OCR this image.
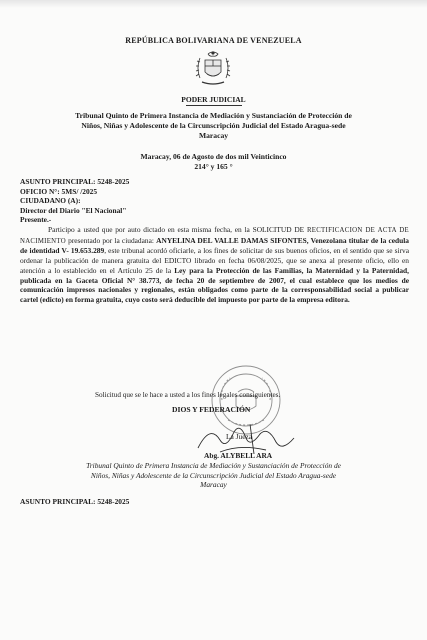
REPÚBLICA BOLIVARIANA DE VENEZUELA
PODER JUDICIAL
Tribunal Quinto de Primera Instancia de Mediación y Sustanciación de Protección de
Niños, Niñas y Adolescente de la Circunscripción Judicial del Estado Aragua-sede
Maracay
Maracay, 06 de Agosto de dos mil Veinticinco
214° y 165 °
ASUNTO PRINCIPAL: 5248-2025
OFICIO N°: 5MS/ /2025
CIUDADANO (A):
Director del Diario "El Nacional"
Presente.-
Participo a usted que por auto dictado en esta misma fecha, en la SOLICITUD DE RECTIFICACION DE ACTA DE NACIMIENTO presentado por la ciudadana: ANYELINA DEL VALLE DAMAS SIFONTES, Venezolana titular de la cedula de identidad V- 19.653.289, este tribunal acordó oficiarle, a los fines de solicitar de sus buenos oficios, en el sentido que se sirva ordenar la publicación de manera gratuita del EDICTO librado en fecha 06/08/2025, que se anexa al presente oficio, ello en atención a lo establecido en el Artículo 25 de la Ley para la Protección de las Familias, la Maternidad y la Paternidad, publicada en la Gaceta Oficial N° 38.773, de fecha 20 de septiembre de 2007, el cual establece que los medios de comunicación impresos nacionales y regionales, están obligados como parte de la corresponsabilidad social a publicar cartel (edicto) en forma gratuita, cuyo costo será deducible del impuesto por parte de la empresa editora.
Solicitud que se le hace a usted a los fines legales consiguientes.
DIOS Y FEDERACIÓN
La Jueza
Abg. ALYBELL ARA
Tribunal Quinto de Primera Instancia de Mediación y Sustanciación de Protección de
Niños, Niñas y Adolescente de la Circunscripción Judicial del Estado Aragua-sede
Maracay
ASUNTO PRINCIPAL: 5248-2025
